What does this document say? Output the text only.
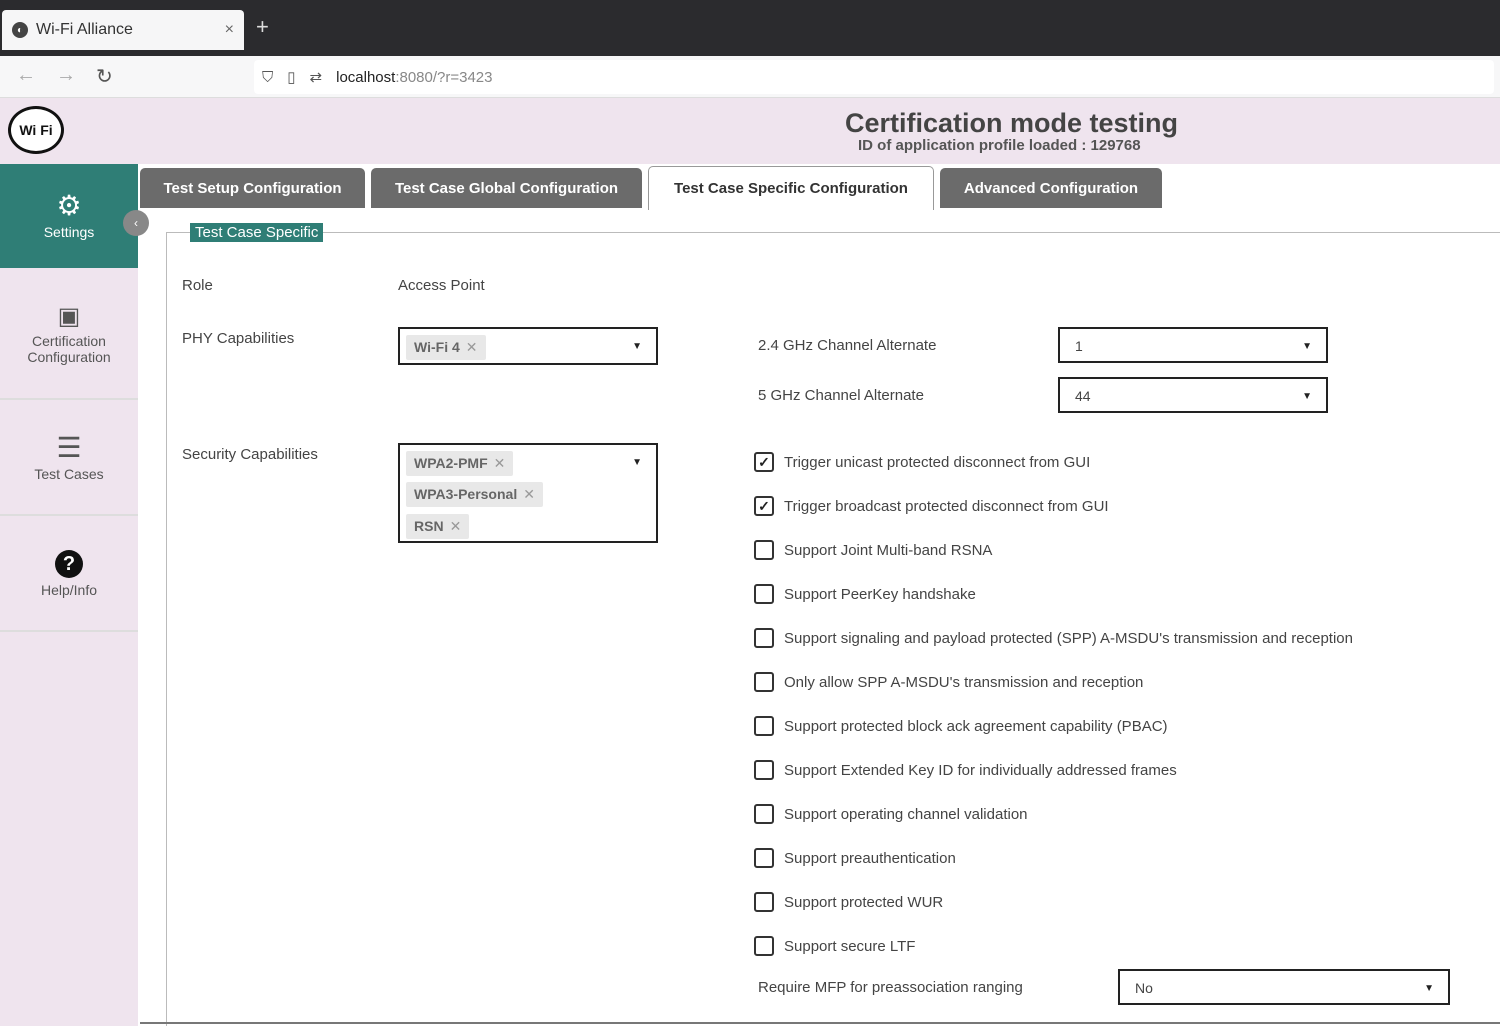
◐ Wi-Fi Alliance	× +
← → ↻	⛉ ▯ ⇄ localhost :8080/?r=3423
Wi Fi	Certification mode testing
ID of application profile loaded : 129768
⚙
Settings
▣
Certification Configuration
☰
Test Cases
?
Help/Info
‹
Test Setup Configuration	Test Case Global Configuration	Test Case Specific Configuration	Advanced Configuration
Test Case Specific
Role	Access Point
PHY Capabilities	Wi-Fi 4 ✕	▼
Security Capabilities	WPA2-PMF ✕
WPA3-Personal ✕
RSN ✕
▼
2.4 GHz Channel Alternate	1	▼
5 GHz Channel Alternate	44	▼
✓ Trigger unicast protected disconnect from GUI
✓ Trigger broadcast protected disconnect from GUI
Support Joint Multi-band RSNA
Support PeerKey handshake
Support signaling and payload protected (SPP) A-MSDU's transmission and reception
Only allow SPP A-MSDU's transmission and reception
Support protected block ack agreement capability (PBAC)
Support Extended Key ID for individually addressed frames
Support operating channel validation
Support preauthentication
Support protected WUR
Support secure LTF
Require MFP for preassociation ranging	No	▼
